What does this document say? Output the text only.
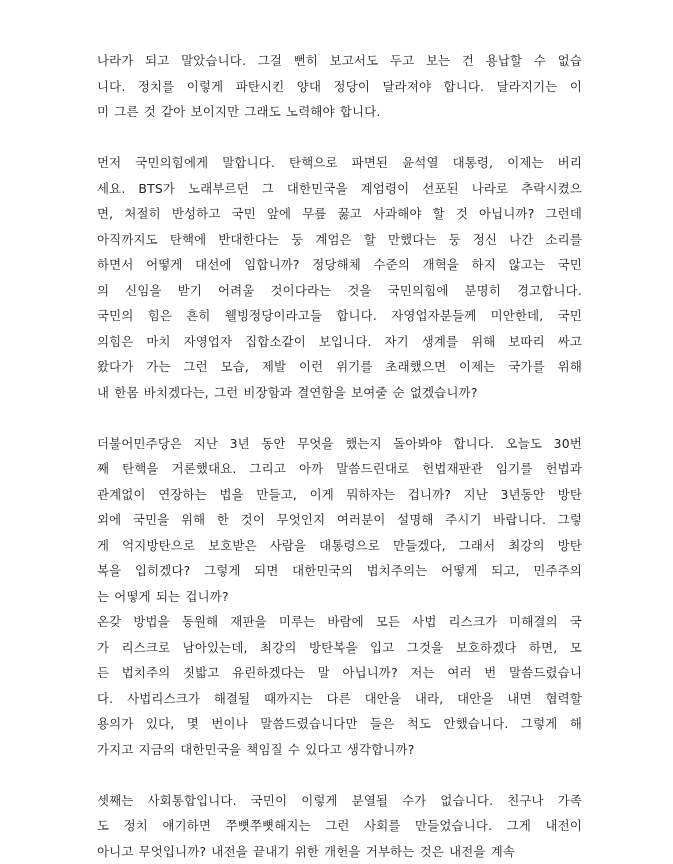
나라가 되고 말았습니다. 그걸 뻔히 보고서도 두고 보는 건 용납할 수 없습
니다. 정치를 이렇게 파탄시킨 양대 정당이 달라져야 합니다. 달라지기는 이
미 그른 것 같아 보이지만 그래도 노력해야 합니다.
먼저 국민의힘에게 말합니다. 탄핵으로 파면된 윤석열 대통령, 이제는 버리
세요. BTS가 노래부르던 그 대한민국을 계엄령이 선포된 나라로 추락시켰으
면, 처절히 반성하고 국민 앞에 무릎 꿇고 사과해야 할 것 아닙니까? 그런데
아직까지도 탄핵에 반대한다는 둥 계엄은 할 만했다는 둥 정신 나간 소리를
하면서 어떻게 대선에 임합니까? 정당해체 수준의 개혁을 하지 않고는 국민
의 신임을 받기 어려울 것이다라는 것을 국민의힘에 분명히 경고합니다.
국민의 힘은 흔히 웰빙정당이라고들 합니다. 자영업자분들께 미안한데, 국민
의힘은 마치 자영업자 집합소같이 보입니다. 자기 생계를 위해 보따리 싸고
왔다가 가는 그런 모습, 제발 이런 위기를 초래했으면 이제는 국가를 위해
내 한몸 바치겠다는, 그런 비장함과 결연함을 보여줄 순 없겠습니까?
더불어민주당은 지난 3년 동안 무엇을 했는지 돌아봐야 합니다. 오늘도 30번
째 탄핵을 거론했대요. 그리고 아까 말씀드린대로 헌법재판관 임기를 헌법과
관계없이 연장하는 법을 만들고, 이게 뭐하자는 겁니까? 지난 3년동안 방탄
외에 국민을 위해 한 것이 무엇인지 여러분이 설명해 주시기 바랍니다. 그렇
게 억지방탄으로 보호받은 사람을 대통령으로 만들겠다, 그래서 최강의 방탄
복을 입히겠다? 그렇게 되면 대한민국의 법치주의는 어떻게 되고, 민주주의
는 어떻게 되는 겁니까?
온갖 방법을 동원해 재판을 미루는 바람에 모든 사법 리스크가 미해결의 국
가 리스크로 남아있는데, 최강의 방탄복을 입고 그것을 보호하겠다 하면, 모
든 법치주의 짓밟고 유린하겠다는 말 아닙니까? 저는 여러 번 말씀드렸습니
다. 사법리스크가 해결될 때까지는 다른 대안을 내라, 대안을 내면 협력할
용의가 있다, 몇 번이나 말씀드렸습니다만 들은 척도 안했습니다. 그렇게 해
가지고 지금의 대한민국을 책임질 수 있다고 생각합니까?
셋째는 사회통합입니다. 국민이 이렇게 분열될 수가 없습니다. 친구나 가족
도 정치 얘기하면 쭈뼛쭈뼛해지는 그런 사회를 만들었습니다. 그게 내전이
아니고 무엇입니까? 내전을 끝내기 위한 개헌을 거부하는 것은 내전을 계속
